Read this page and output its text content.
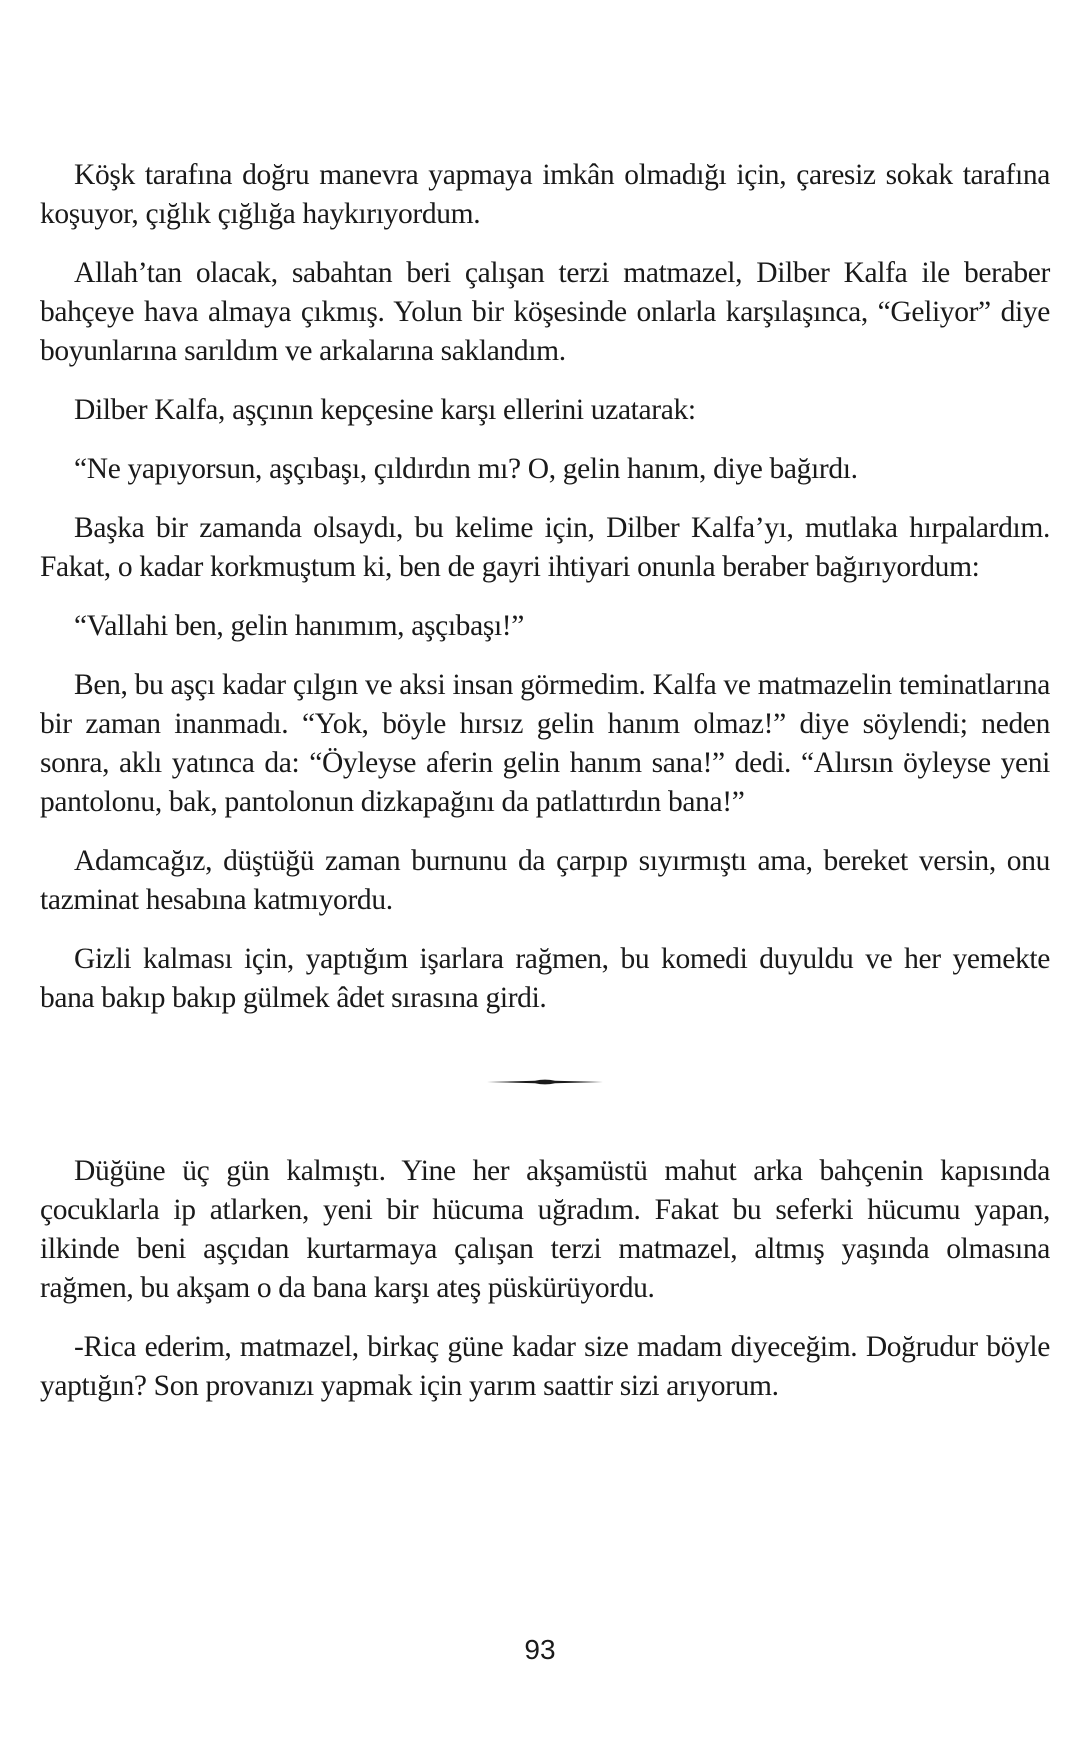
Köşk tarafına doğru manevra yapmaya imkân olmadığı için, çaresiz sokak tarafına koşuyor, çığlık çığlığa haykırıyordum.

Allah’tan olacak, sabahtan beri çalışan terzi matmazel, Dilber Kalfa ile beraber bahçeye hava almaya çıkmış. Yolun bir köşesinde onlarla karşılaşınca, “Geliyor” diye boyunlarına sarıldım ve arkalarına saklandım.

Dilber Kalfa, aşçının kepçesine karşı ellerini uzatarak:

“Ne yapıyorsun, aşçıbaşı, çıldırdın mı? O, gelin hanım, diye bağırdı.

Başka bir zamanda olsaydı, bu kelime için, Dilber Kalfa’yı, mutlaka hırpalardım. Fakat, o kadar korkmuştum ki, ben de gayri ihtiyari onunla beraber bağırıyordum:

“Vallahi ben, gelin hanımım, aşçıbaşı!”

Ben, bu aşçı kadar çılgın ve aksi insan görmedim. Kalfa ve matmazelin teminatlarına bir zaman inanmadı. “Yok, böyle hırsız gelin hanım olmaz!” diye söylendi; neden sonra, aklı yatınca da: “Öyleyse aferin gelin hanım sana!” dedi. “Alırsın öyleyse yeni pantolonu, bak, pantolonun dizkapağını da patlattırdın bana!”

Adamcağız, düştüğü zaman burnunu da çarpıp sıyırmıştı ama, bereket versin, onu tazminat hesabına katmıyordu.

Gizli kalması için, yaptığım işarlara rağmen, bu komedi duyuldu ve her yemekte bana bakıp bakıp gülmek âdet sırasına girdi.

Düğüne üç gün kalmıştı. Yine her akşamüstü mahut arka bahçenin kapısında çocuklarla ip atlarken, yeni bir hücuma uğradım. Fakat bu seferki hücumu yapan, ilkinde beni aşçıdan kurtarmaya çalışan terzi matmazel, altmış yaşında olmasına rağmen, bu akşam o da bana karşı ateş püskürüyordu.

-Rica ederim, matmazel, birkaç güne kadar size madam diyeceğim. Doğrudur böyle yaptığın? Son provanızı yapmak için yarım saattir sizi arıyorum.

93
